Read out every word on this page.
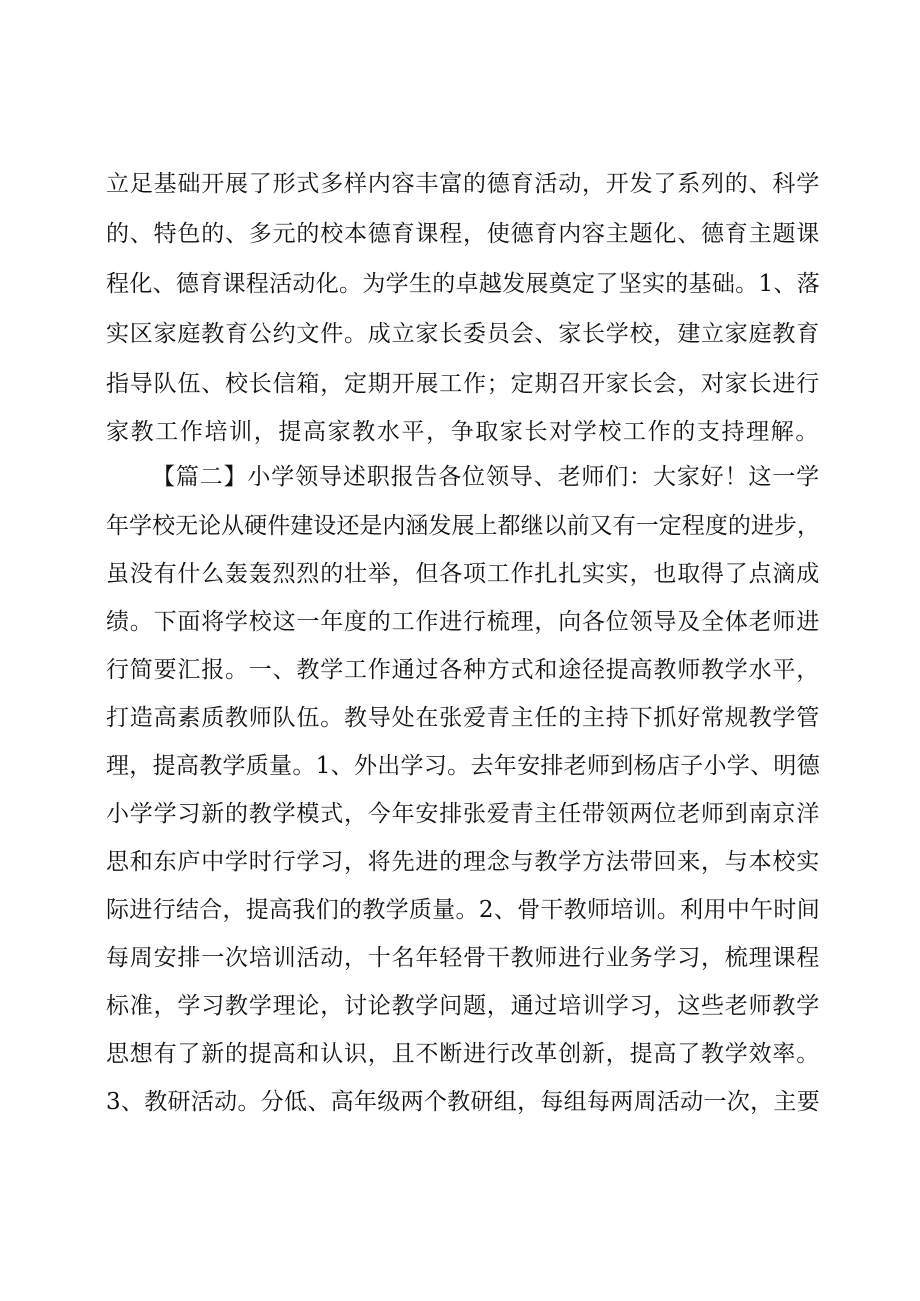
立足基础开展了形式多样内容丰富的德育活动，开发了系列的、科学
的、特色的、多元的校本德育课程，使德育内容主题化、德育主题课
程化、德育课程活动化。为学生的卓越发展奠定了坚实的基础。1、落
实区家庭教育公约文件。成立家长委员会、家长学校，建立家庭教育
指导队伍、校长信箱，定期开展工作；定期召开家长会，对家长进行
家教工作培训，提高家教水平，争取家长对学校工作的支持理解。
【篇二】小学领导述职报告各位领导、老师们：大家好！这一学
年学校无论从硬件建设还是内涵发展上都继以前又有一定程度的进步，
虽没有什么轰轰烈烈的壮举，但各项工作扎扎实实，也取得了点滴成
绩。下面将学校这一年度的工作进行梳理，向各位领导及全体老师进
行简要汇报。一、教学工作通过各种方式和途径提高教师教学水平，
打造高素质教师队伍。教导处在张爱青主任的主持下抓好常规教学管
理，提高教学质量。1、外出学习。去年安排老师到杨店子小学、明德
小学学习新的教学模式，今年安排张爱青主任带领两位老师到南京洋
思和东庐中学时行学习，将先进的理念与教学方法带回来，与本校实
际进行结合，提高我们的教学质量。2、骨干教师培训。利用中午时间
每周安排一次培训活动，十名年轻骨干教师进行业务学习，梳理课程
标准，学习教学理论，讨论教学问题，通过培训学习，这些老师教学
思想有了新的提高和认识，且不断进行改革创新，提高了教学效率。
3、教研活动。分低、高年级两个教研组，每组每两周活动一次，主要
